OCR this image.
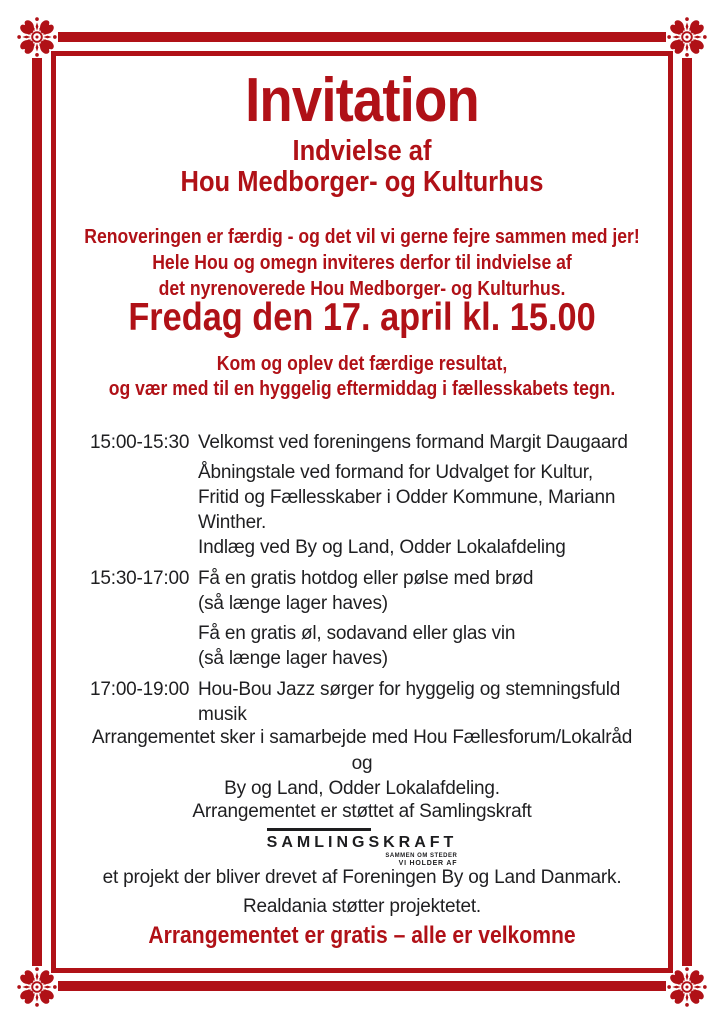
Invitation
Indvielse af
Hou Medborger- og Kulturhus
Renoveringen er færdig - og det vil vi gerne fejre sammen med jer!
Hele Hou og omegn inviteres derfor til indvielse af
det nyrenoverede Hou Medborger- og Kulturhus.
Fredag den 17. april kl. 15.00
Kom og oplev det færdige resultat,
og vær med til en hyggelig eftermiddag i fællesskabets tegn.
15:00-15:30 Velkomst ved foreningens formand Margit Daugaard
Åbningstale ved formand for Udvalget for Kultur,
Fritid og Fællesskaber i Odder Kommune, Mariann
Winther.
Indlæg ved By og Land, Odder Lokalafdeling
15:30-17:00 Få en gratis hotdog eller pølse med brød
(så længe lager haves)
Få en gratis øl, sodavand eller glas vin
(så længe lager haves)
17:00-19:00 Hou-Bou Jazz sørger for hyggelig og stemningsfuld
musik
Arrangementet sker i samarbejde med Hou Fællesforum/Lokalråd
og
By og Land, Odder Lokalafdeling.
Arrangementet er støttet af Samlingskraft
SAMLINGSKRAFT
SAMMEN OM STEDER
VI HOLDER AF
et projekt der bliver drevet af Foreningen By og Land Danmark.
Realdania støtter projektetet.
Arrangementet er gratis – alle er velkomne
